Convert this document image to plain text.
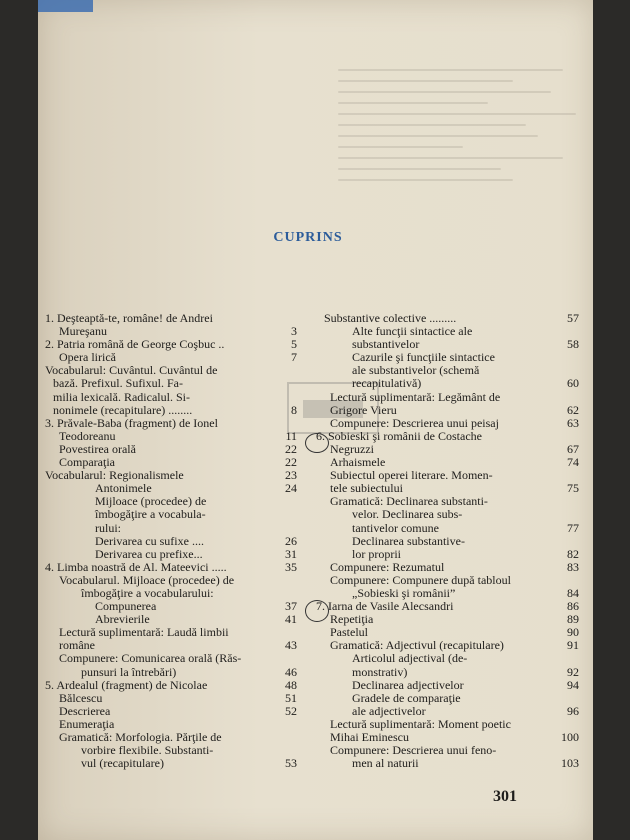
CUPRINS
1. Deşteaptă-te, române! de Andrei
Mureşanu	3
2. Patria română de George Coşbuc ..	5
Opera lirică	7
Vocabularul: Cuvântul. Cuvântul de
bază. Prefixul. Sufixul. Fa-
milia lexicală. Radicalul. Si-
nonimele (recapitulare) ........	8
3. Prăvale-Baba (fragment) de Ionel
Teodoreanu	11
Povestirea orală	22
Comparaţia	22
Vocabularul: Regionalismele	23
Antonimele	24
Mijloace (procedee) de
îmbogăţire a vocabula-
rului:
Derivarea cu sufixe ....	26
Derivarea cu prefixe...	31
4. Limba noastră de Al. Mateevici .....	35
Vocabularul. Mijloace (procedee) de
îmbogăţire a vocabularului:
Compunerea	37
Abrevierile	41
Lectură suplimentară: Laudă limbii
române	43
Compunere: Comunicarea orală (Răs-
punsuri la întrebări)	46
5. Ardealul (fragment) de Nicolae	48
Bălcescu	51
Descrierea	52
Enumeraţia
Gramatică: Morfologia. Părţile de
vorbire flexibile. Substanti-
vul (recapitulare)	53
Substantive colective .........	57
Alte funcţii sintactice ale
substantivelor	58
Cazurile şi funcţiile sintactice
ale substantivelor (schemă
recapitulativă)	60
Lectură suplimentară: Legământ de
Grigore Vieru	62
Compunere: Descrierea unui peisaj	63
6. Sobieski şi românii de Costache
Negruzzi	67
Arhaismele	74
Subiectul operei literare. Momen-
tele subiectului	75
Gramatică: Declinarea substanti-
velor. Declinarea subs-
tantivelor comune	77
Declinarea substantive-
lor proprii	82
Compunere: Rezumatul	83
Compunere: Compunere după tabloul
„Sobieski şi românii”	84
7. Iarna de Vasile Alecsandri	86
Repetiţia	89
Pastelul	90
Gramatică: Adjectivul (recapitulare)	91
Articolul adjectival (de-
monstrativ)	92
Declinarea adjectivelor	94
Gradele de comparaţie
ale adjectivelor	96
Lectură suplimentară: Moment poetic
Mihai Eminescu	100
Compunere: Descrierea unui feno-
men al naturii	103
301
